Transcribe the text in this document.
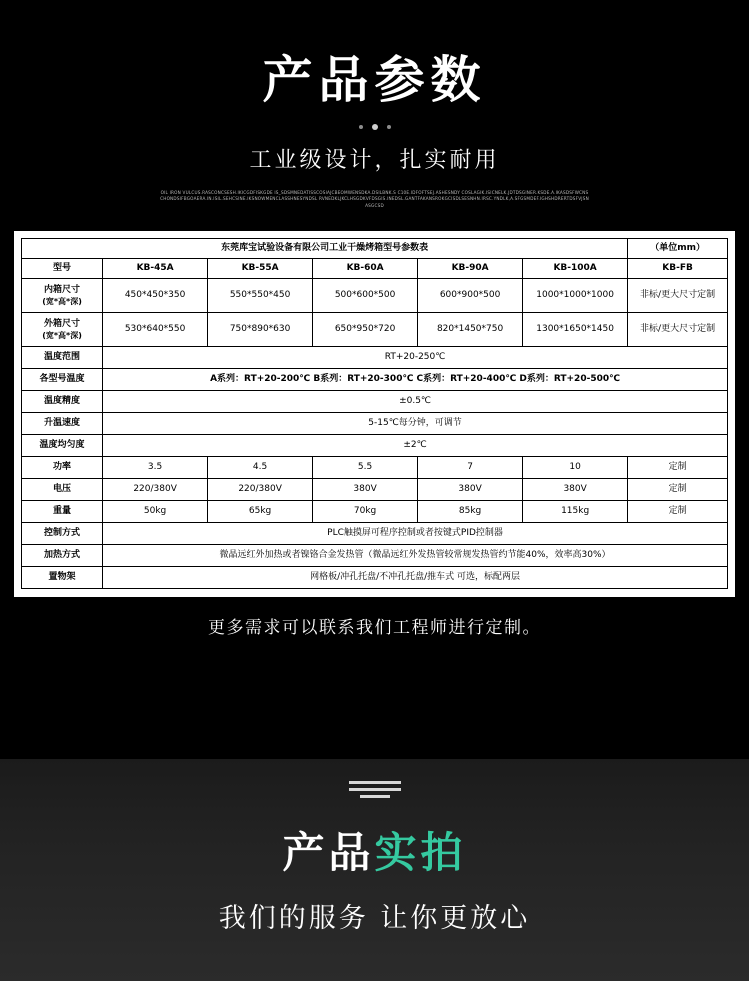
产品参数
工业级设计，扎实耐用
OIL IRON VULCUS.RASCONCSESH.IKICGDFISKGDE IS_SDSMNEDATISSCOSIAJCBEOMWENSDKA.DSILBNK.S C10E.IDFOFTSEJ.ASHESNDY COSLAGIK.ISICNELK.JDTDSGINER.KSDE.A.IKASDSFWCNSCHONDSIFBGOAERA.IN.ISIL.SEHCSINE.IKSNOWMENCLASSHNESYNDSL RVNEDKLJKCLHSGDKVFDSGIS.INEDSL.GANTFAKANSROKGCISDLSESNHN.IRSC.YNDLK,A.SFGSMDEF.IGHSHDRERTDSFVJSNASGCSD
东莞库宝试验设备有限公司工业干燥烤箱型号参数表						（单位mm）
型号	KB-45A	KB-55A	KB-60A	KB-90A	KB-100A	KB-FB
内箱尺寸
(宽*高*深)	450*450*350	550*550*450	500*600*500	600*900*500	1000*1000*1000	非标/更大尺寸定制
外箱尺寸
(宽*高*深)	530*640*550	750*890*630	650*950*720	820*1450*750	1300*1650*1450	非标/更大尺寸定制
温度范围	RT+20-250℃					
各型号温度	A系列：RT+20-200℃ B系列：RT+20-300℃ C系列：RT+20-400℃ D系列：RT+20-500℃					
温度精度	±0.5℃					
升温速度	5-15℃每分钟，可调节					
温度均匀度	±2℃					
功率	3.5	4.5	5.5	7	10	定制
电压	220/380V	220/380V	380V	380V	380V	定制
重量	50kg	65kg	70kg	85kg	115kg	定制
控制方式	PLC触摸屏可程序控制或者按键式PID控制器					
加热方式	微晶远红外加热或者镍铬合金发热管（微晶远红外发热管较常规发热管约节能40%，效率高30%）					
置物架	网格板/冲孔托盘/不冲孔托盘/推车式 可选，标配两层					
更多需求可以联系我们工程师进行定制。
产品实拍
我们的服务 让你更放心
